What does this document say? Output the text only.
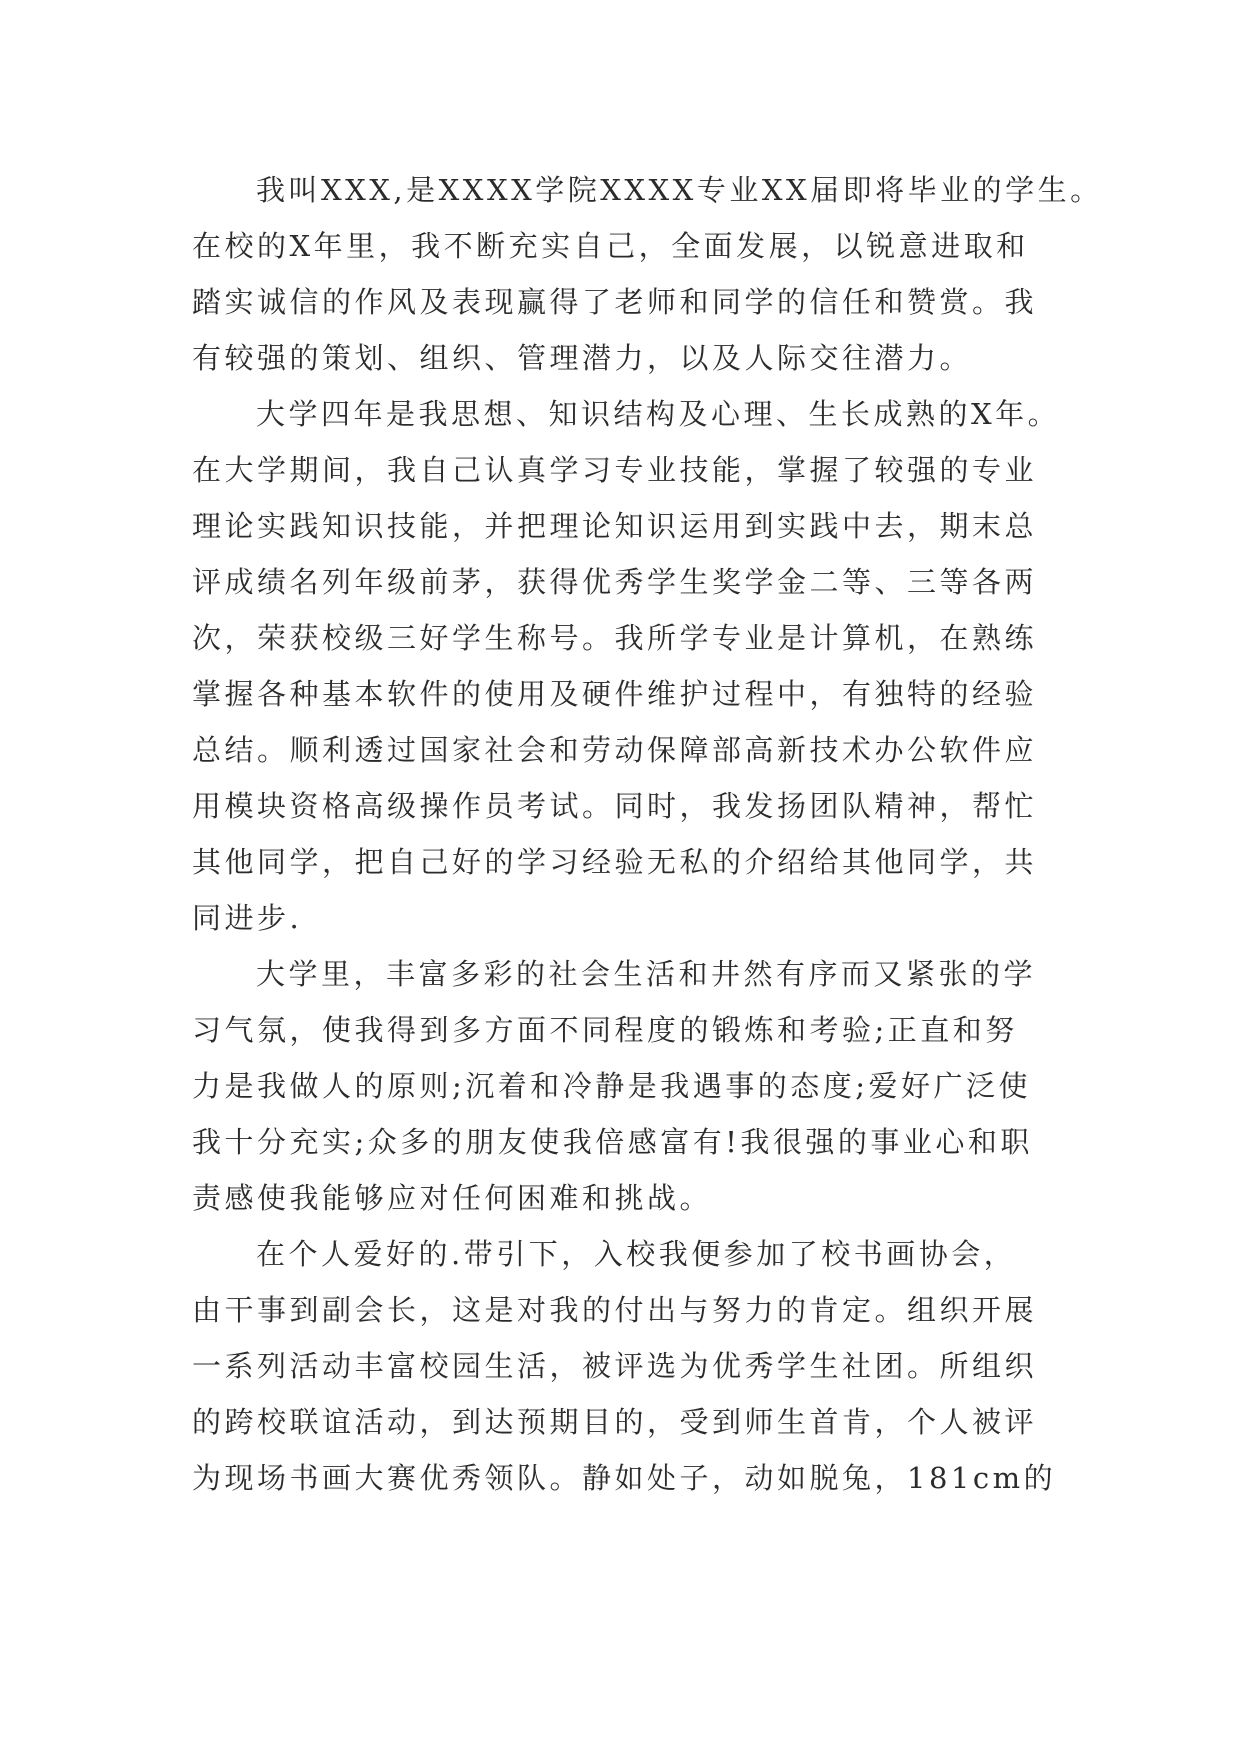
我叫XXX,是XXXX学院XXXX专业XX届即将毕业的学生。
在校的X年里，我不断充实自己，全面发展，以锐意进取和
踏实诚信的作风及表现赢得了老师和同学的信任和赞赏。我
有较强的策划、组织、管理潜力，以及人际交往潜力。
大学四年是我思想、知识结构及心理、生长成熟的X年。
在大学期间，我自己认真学习专业技能，掌握了较强的专业
理论实践知识技能，并把理论知识运用到实践中去，期末总
评成绩名列年级前茅，获得优秀学生奖学金二等、三等各两
次，荣获校级三好学生称号。我所学专业是计算机，在熟练
掌握各种基本软件的使用及硬件维护过程中，有独特的经验
总结。顺利透过国家社会和劳动保障部高新技术办公软件应
用模块资格高级操作员考试。同时，我发扬团队精神，帮忙
其他同学，把自己好的学习经验无私的介绍给其他同学，共
同进步.
大学里，丰富多彩的社会生活和井然有序而又紧张的学
习气氛，使我得到多方面不同程度的锻炼和考验;正直和努
力是我做人的原则;沉着和冷静是我遇事的态度;爱好广泛使
我十分充实;众多的朋友使我倍感富有!我很强的事业心和职
责感使我能够应对任何困难和挑战。
在个人爱好的.带引下，入校我便参加了校书画协会，
由干事到副会长，这是对我的付出与努力的肯定。组织开展
一系列活动丰富校园生活，被评选为优秀学生社团。所组织
的跨校联谊活动，到达预期目的，受到师生首肯，个人被评
为现场书画大赛优秀领队。静如处子，动如脱兔，181cm的
